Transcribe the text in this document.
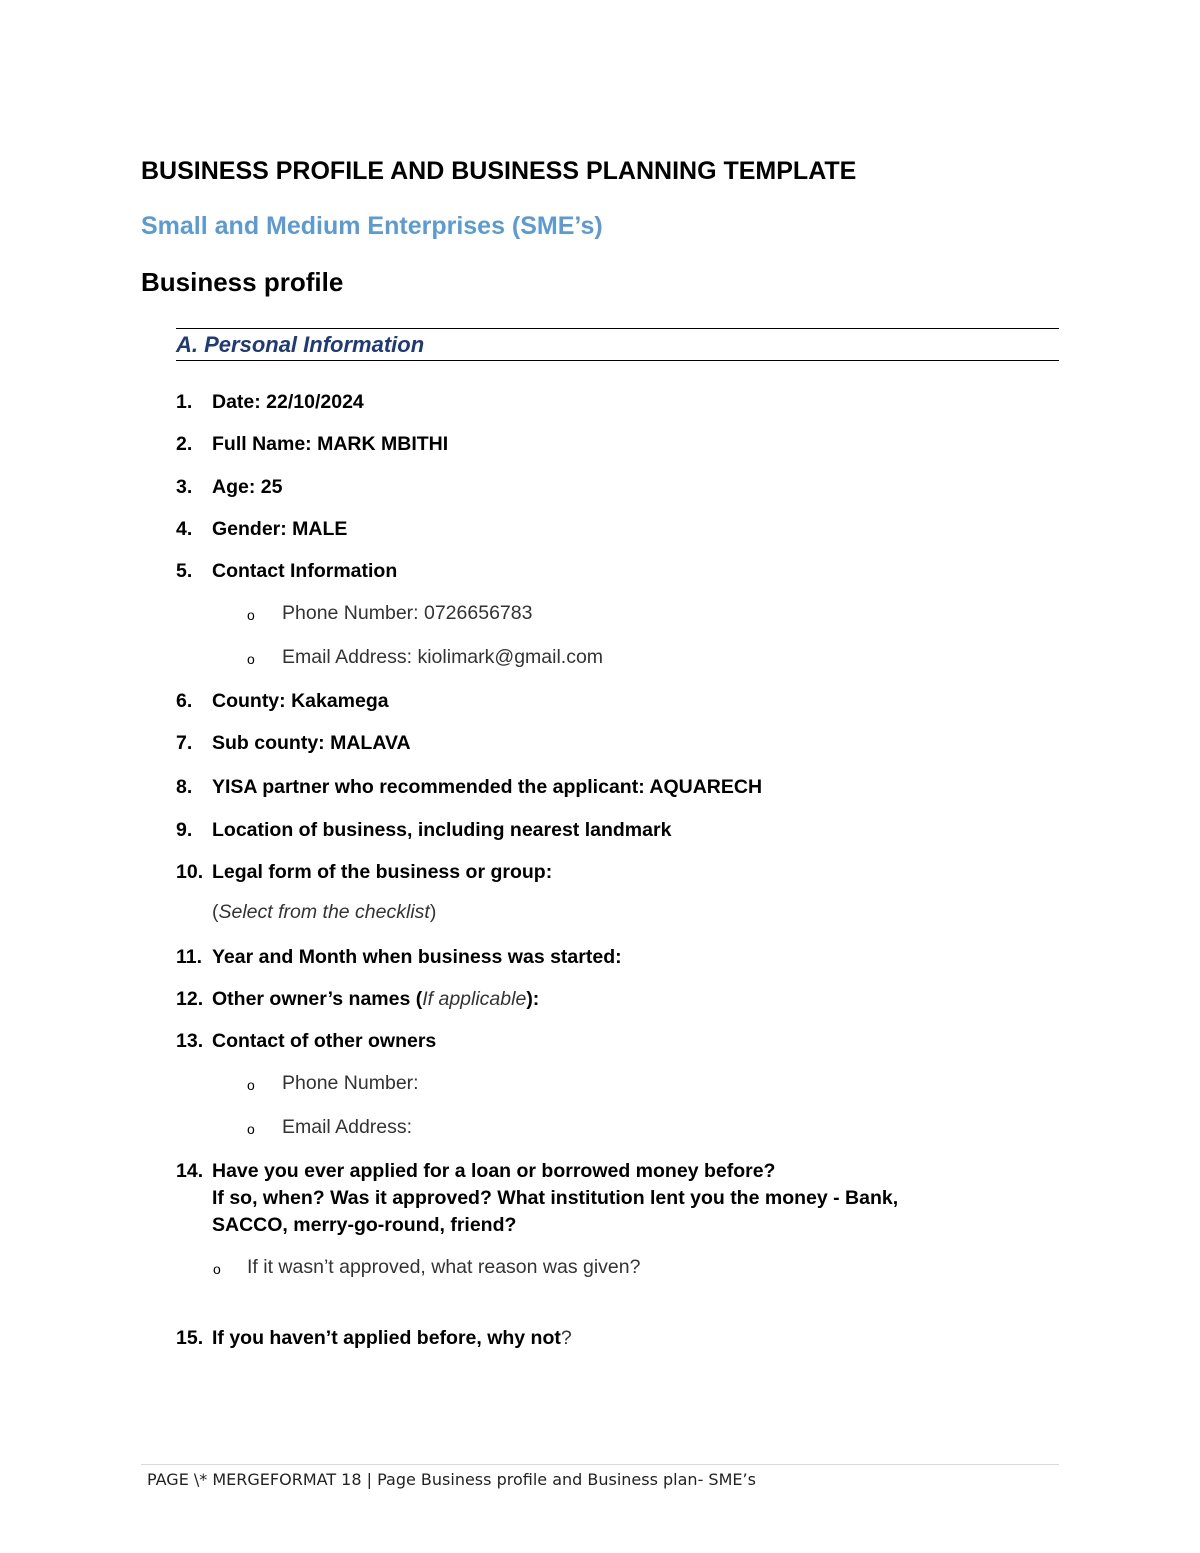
BUSINESS PROFILE AND BUSINESS PLANNING TEMPLATE
Small and Medium Enterprises (SME’s)
Business profile
A. Personal Information
1. Date: 22/10/2024
2. Full Name: MARK MBITHI
3. Age: 25
4. Gender: MALE
5. Contact Information
o Phone Number: 0726656783
o Email Address: kiolimark@gmail.com
6. County: Kakamega
7. Sub county: MALAVA
8. YISA partner who recommended the applicant: AQUARECH
9. Location of business, including nearest landmark
10. Legal form of the business or group:
(Select from the checklist)
11. Year and Month when business was started:
12. Other owner’s names (If applicable):
13. Contact of other owners
o Phone Number:
o Email Address:
14. Have you ever applied for a loan or borrowed money before?
If so, when? Was it approved? What institution lent you the money - Bank,
SACCO, merry-go-round, friend?
o If it wasn’t approved, what reason was given?
15. If you haven’t applied before, why not?
PAGE \* MERGEFORMAT 18 | Page Business profile and Business plan- SME’s
